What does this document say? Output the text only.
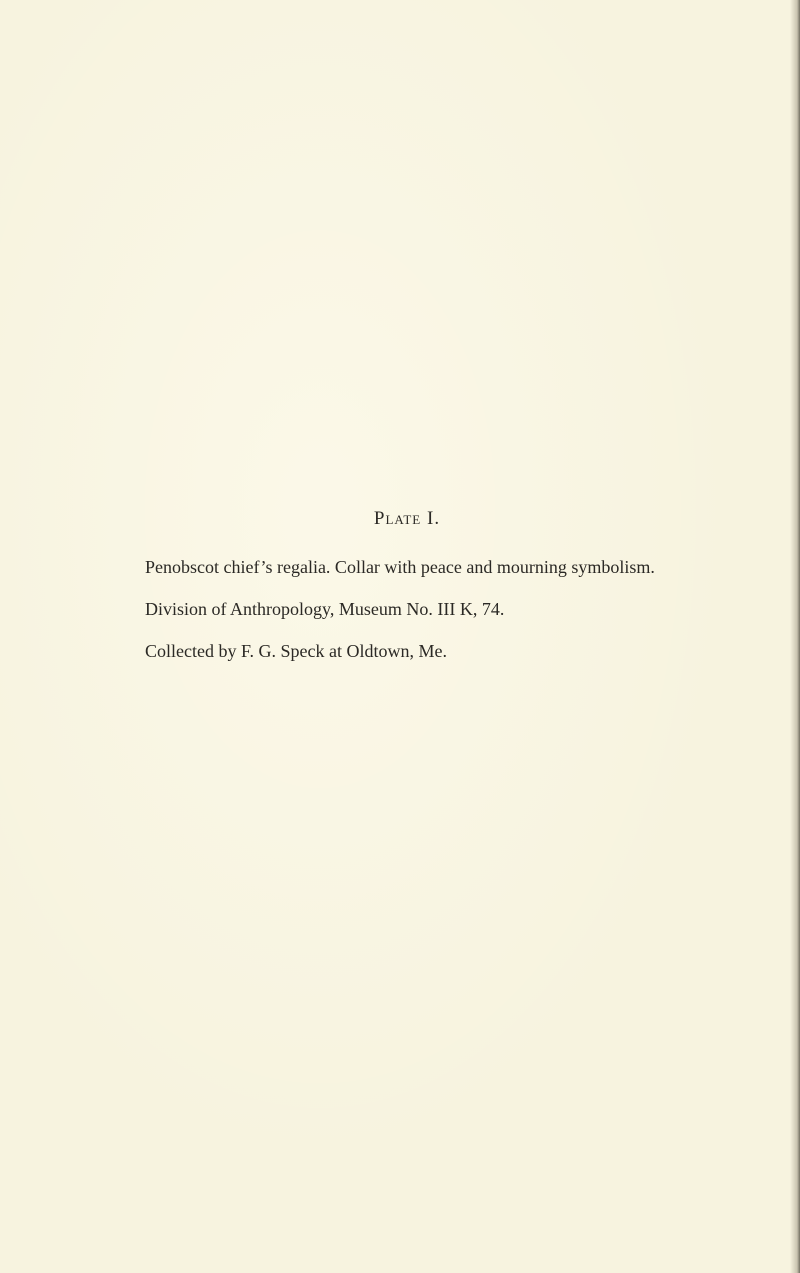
Plate I.
Penobscot chief’s regalia. Collar with peace and mourning symbolism.
Division of Anthropology, Museum No. III K, 74.
Collected by F. G. Speck at Oldtown, Me.
